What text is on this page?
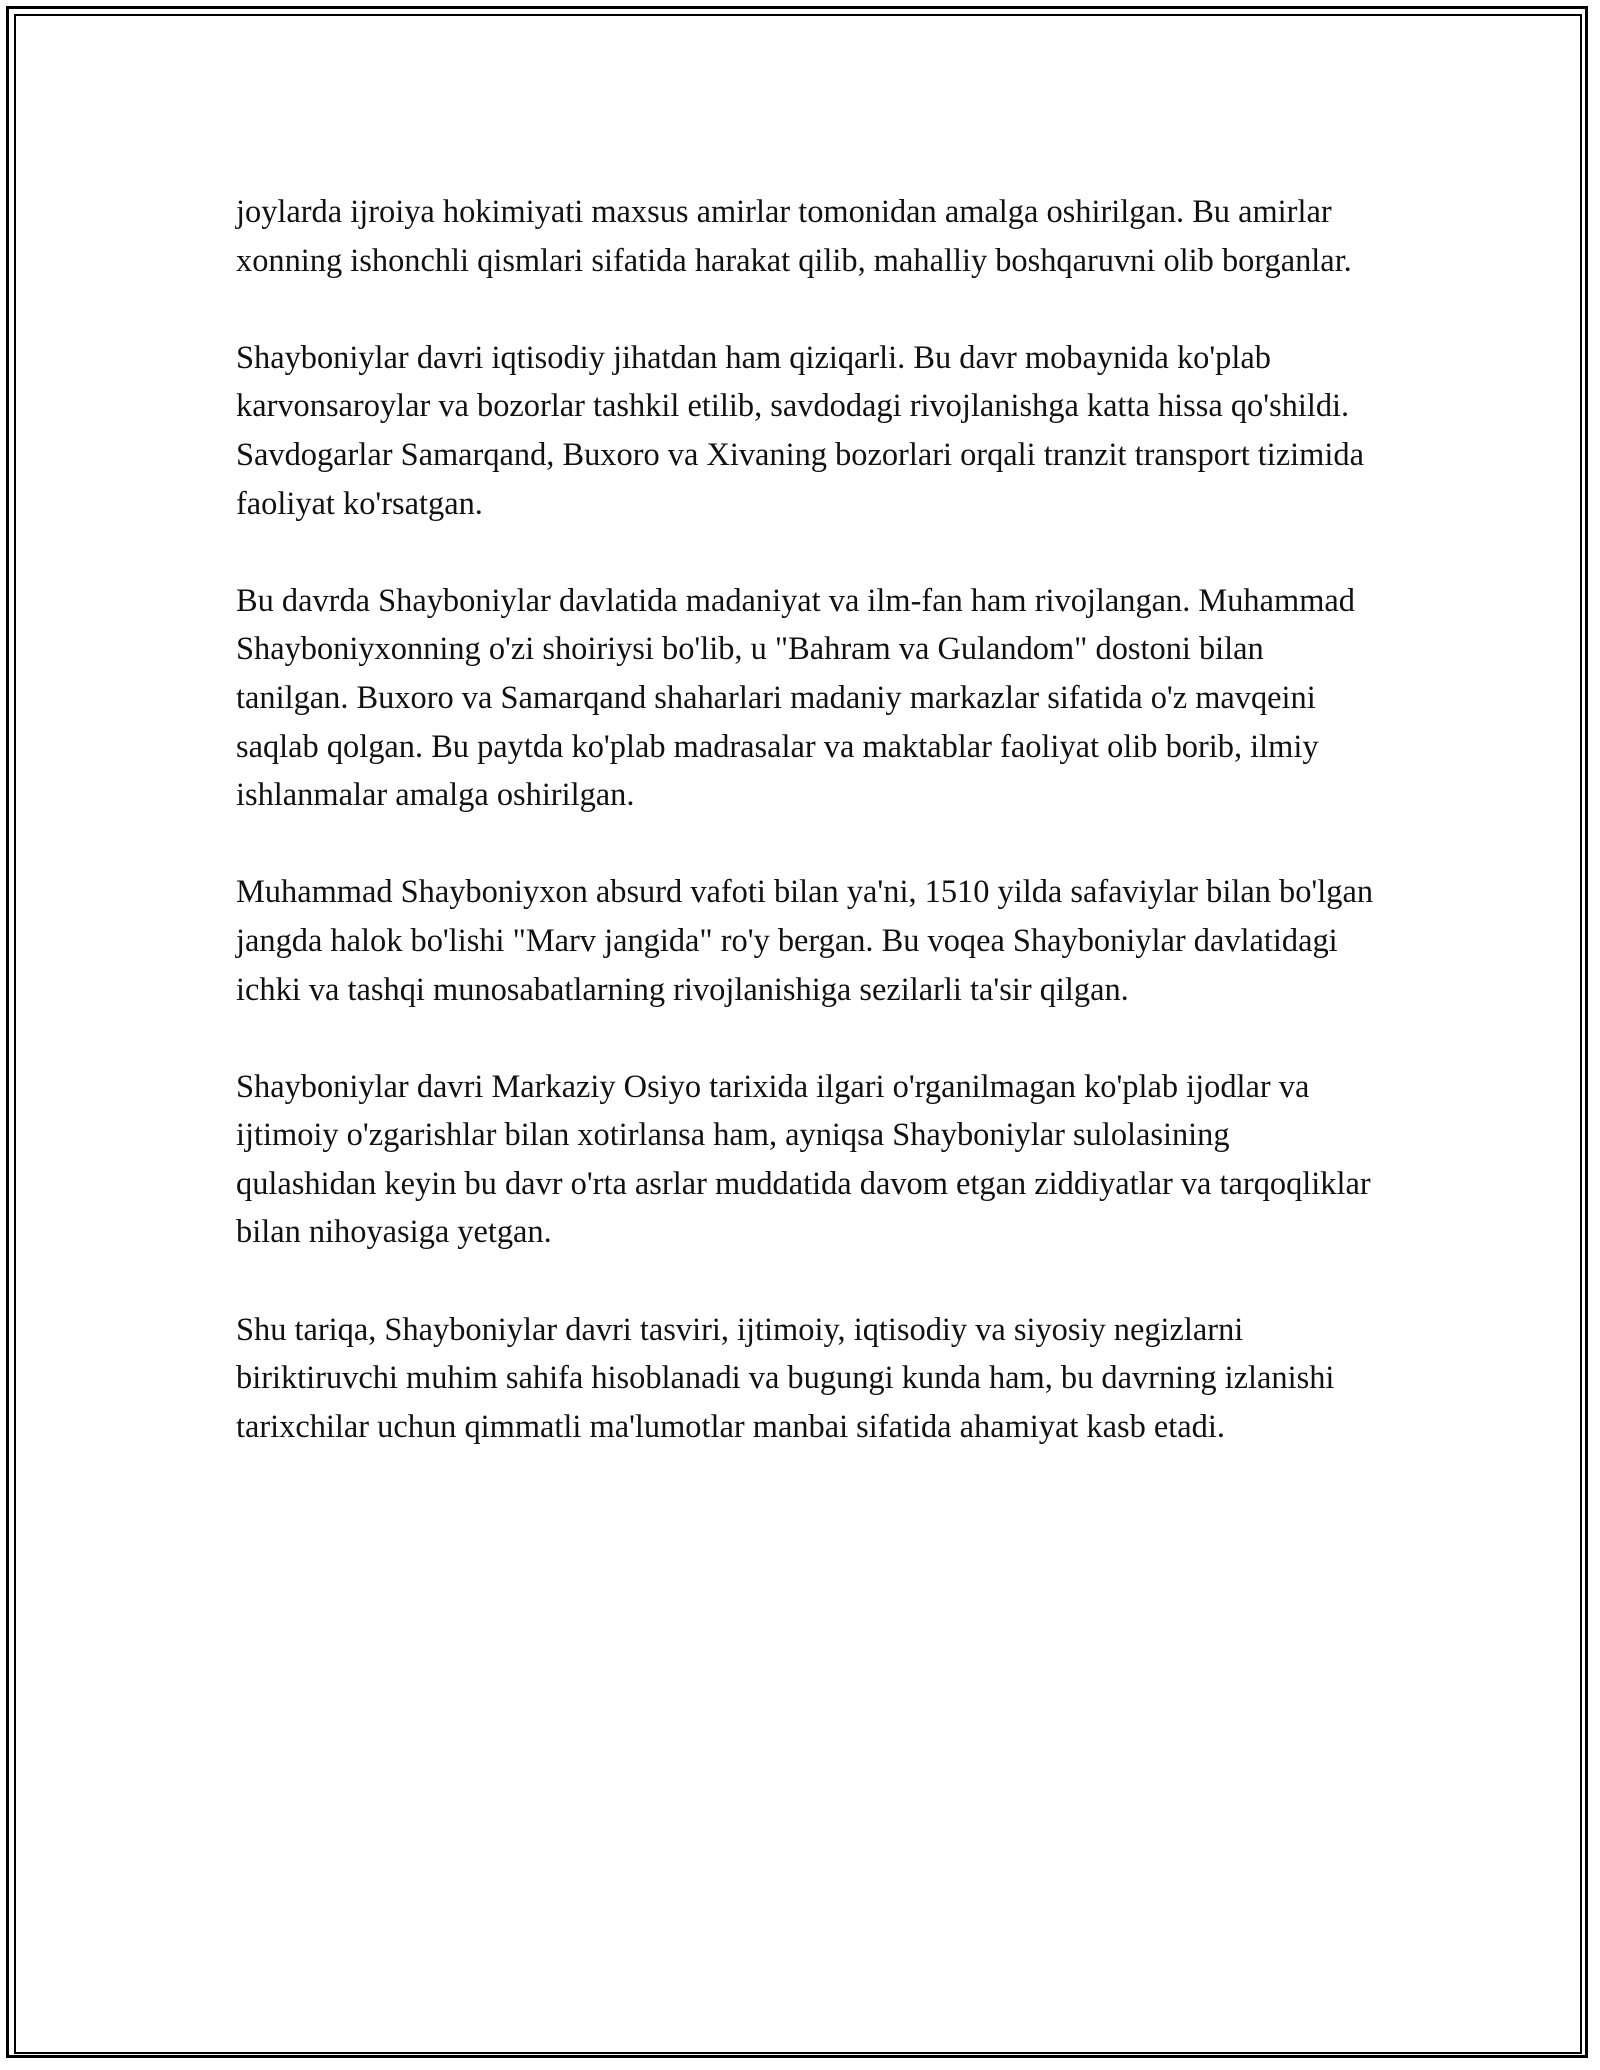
joylarda ijroiya hokimiyati maxsus amirlar tomonidan amalga oshirilgan. Bu amirlar xonning ishonchli qismlari sifatida harakat qilib, mahalliy boshqaruvni olib borganlar.

Shayboniylar davri iqtisodiy jihatdan ham qiziqarli. Bu davr mobaynida ko'plab karvonsaroylar va bozorlar tashkil etilib, savdodagi rivojlanishga katta hissa qo'shildi. Savdogarlar Samarqand, Buxoro va Xivaning bozorlari orqali tranzit transport tizimida faoliyat ko'rsatgan.

Bu davrda Shayboniylar davlatida madaniyat va ilm-fan ham rivojlangan. Muhammad Shayboniyxonning o'zi shoiriysi bo'lib, u "Bahram va Gulandom" dostoni bilan tanilgan. Buxoro va Samarqand shaharlari madaniy markazlar sifatida o'z mavqeini saqlab qolgan. Bu paytda ko'plab madrasalar va maktablar faoliyat olib borib, ilmiy ishlanmalar amalga oshirilgan.

Muhammad Shayboniyxon absurd vafoti bilan ya'ni, 1510 yilda safaviylar bilan bo'lgan jangda halok bo'lishi "Marv jangida" ro'y bergan. Bu voqea Shayboniylar davlatidagi ichki va tashqi munosabatlarning rivojlanishiga sezilarli ta'sir qilgan.

Shayboniylar davri Markaziy Osiyo tarixida ilgari o'rganilmagan ko'plab ijodlar va ijtimoiy o'zgarishlar bilan xotirlansa ham, ayniqsa Shayboniylar sulolasining qulashidan keyin bu davr o'rta asrlar muddatida davom etgan ziddiyatlar va tarqoqliklar bilan nihoyasiga yetgan.

Shu tariqa, Shayboniylar davri tasviri, ijtimoiy, iqtisodiy va siyosiy negizlarni biriktiruvchi muhim sahifa hisoblanadi va bugungi kunda ham, bu davrning izlanishi tarixchilar uchun qimmatli ma'lumotlar manbai sifatida ahamiyat kasb etadi.
